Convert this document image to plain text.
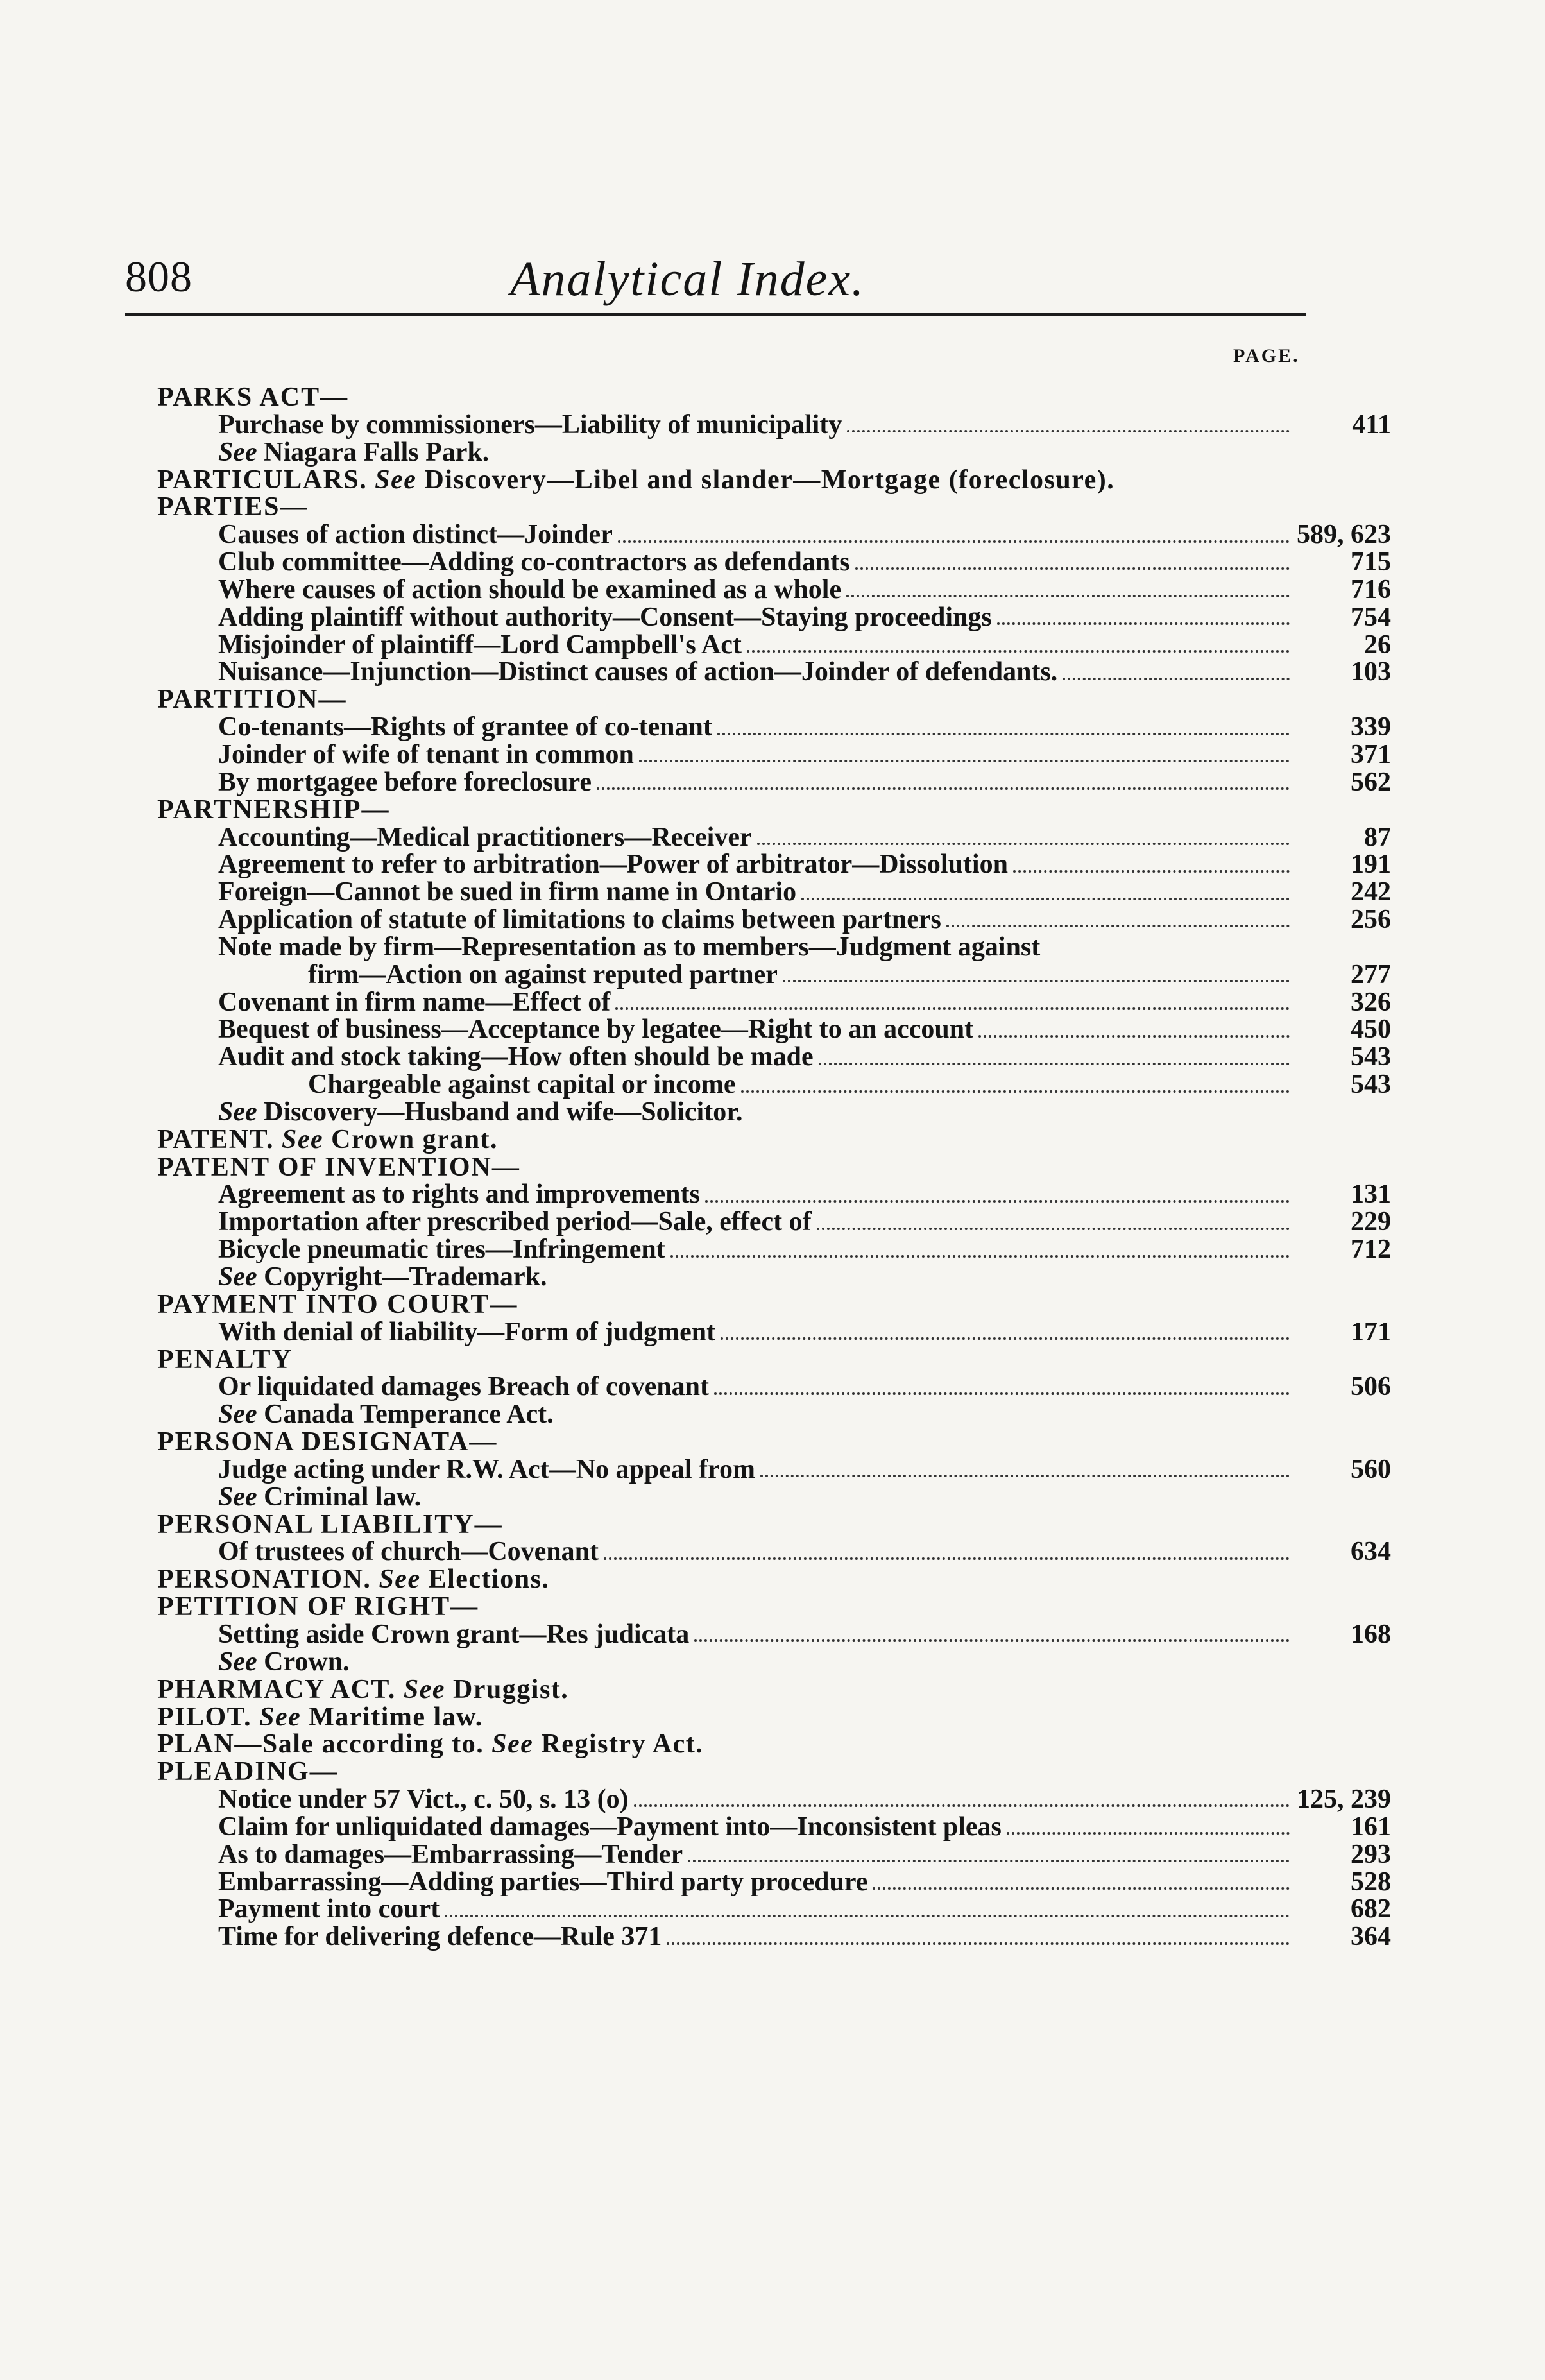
808	Analytical Index.
PAGE.
PARKS ACT—
Purchase by commissioners—Liability of municipality	411
See Niagara Falls Park.
PARTICULARS. See Discovery—Libel and slander—Mortgage (foreclosure).
PARTIES—
Causes of action distinct—Joinder	589, 623
Club committee—Adding co-contractors as defendants	715
Where causes of action should be examined as a whole	716
Adding plaintiff without authority—Consent—Staying proceedings	754
Misjoinder of plaintiff—Lord Campbell's Act	26
Nuisance—Injunction—Distinct causes of action—Joinder of defendants.	103
PARTITION—
Co-tenants—Rights of grantee of co-tenant	339
Joinder of wife of tenant in common	371
By mortgagee before foreclosure	562
PARTNERSHIP—
Accounting—Medical practitioners—Receiver	87
Agreement to refer to arbitration—Power of arbitrator—Dissolution	191
Foreign—Cannot be sued in firm name in Ontario	242
Application of statute of limitations to claims between partners	256
Note made by firm—Representation as to members—Judgment against
firm—Action on against reputed partner	277
Covenant in firm name—Effect of	326
Bequest of business—Acceptance by legatee—Right to an account	450
Audit and stock taking—How often should be made	543
Chargeable against capital or income	543
See Discovery—Husband and wife—Solicitor.
PATENT. See Crown grant.
PATENT OF INVENTION—
Agreement as to rights and improvements	131
Importation after prescribed period—Sale, effect of	229
Bicycle pneumatic tires—Infringement	712
See Copyright—Trademark.
PAYMENT INTO COURT—
With denial of liability—Form of judgment	171
PENALTY
Or liquidated damages Breach of covenant	506
See Canada Temperance Act.
PERSONA DESIGNATA—
Judge acting under R.W. Act—No appeal from	560
See Criminal law.
PERSONAL LIABILITY—
Of trustees of church—Covenant	634
PERSONATION. See Elections.
PETITION OF RIGHT—
Setting aside Crown grant—Res judicata	168
See Crown.
PHARMACY ACT. See Druggist.
PILOT. See Maritime law.
PLAN—Sale according to. See Registry Act.
PLEADING—
Notice under 57 Vict., c. 50, s. 13 (o)	125, 239
Claim for unliquidated damages—Payment into—Inconsistent pleas	161
As to damages—Embarrassing—Tender	293
Embarrassing—Adding parties—Third party procedure	528
Payment into court	682
Time for delivering defence—Rule 371	364
